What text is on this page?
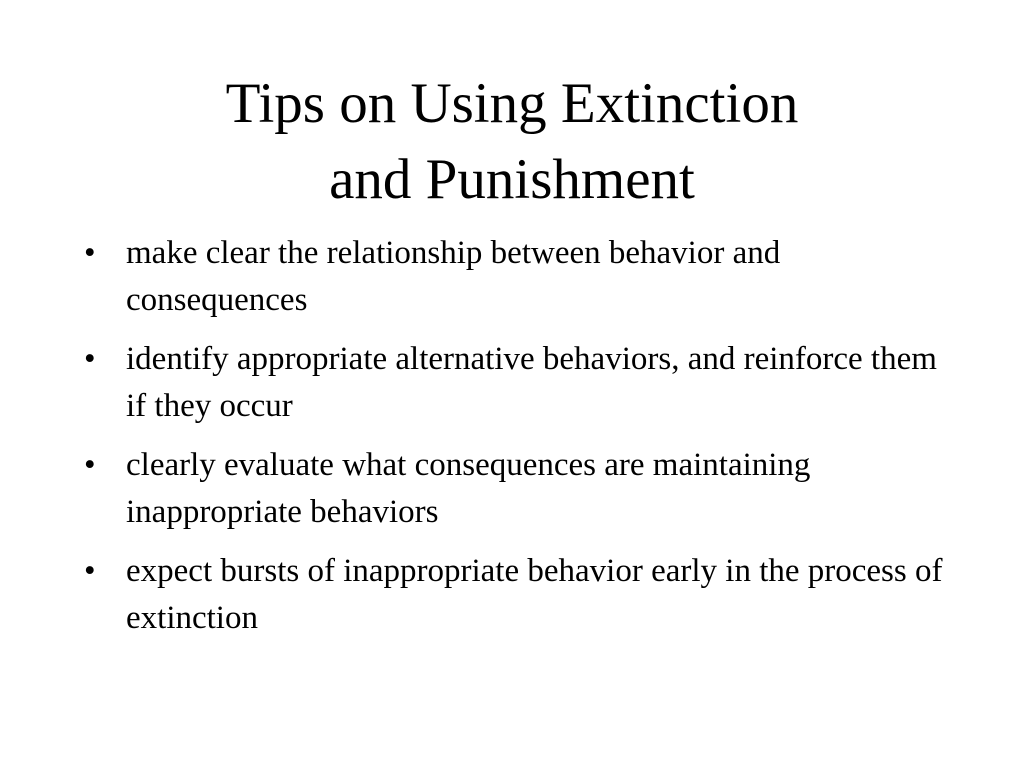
Tips on Using Extinction
and Punishment
• make clear the relationship between behavior and consequences
• identify appropriate alternative behaviors, and reinforce them if they occur
• clearly evaluate what consequences are maintaining inappropriate behaviors
• expect bursts of inappropriate behavior early in the process of extinction
